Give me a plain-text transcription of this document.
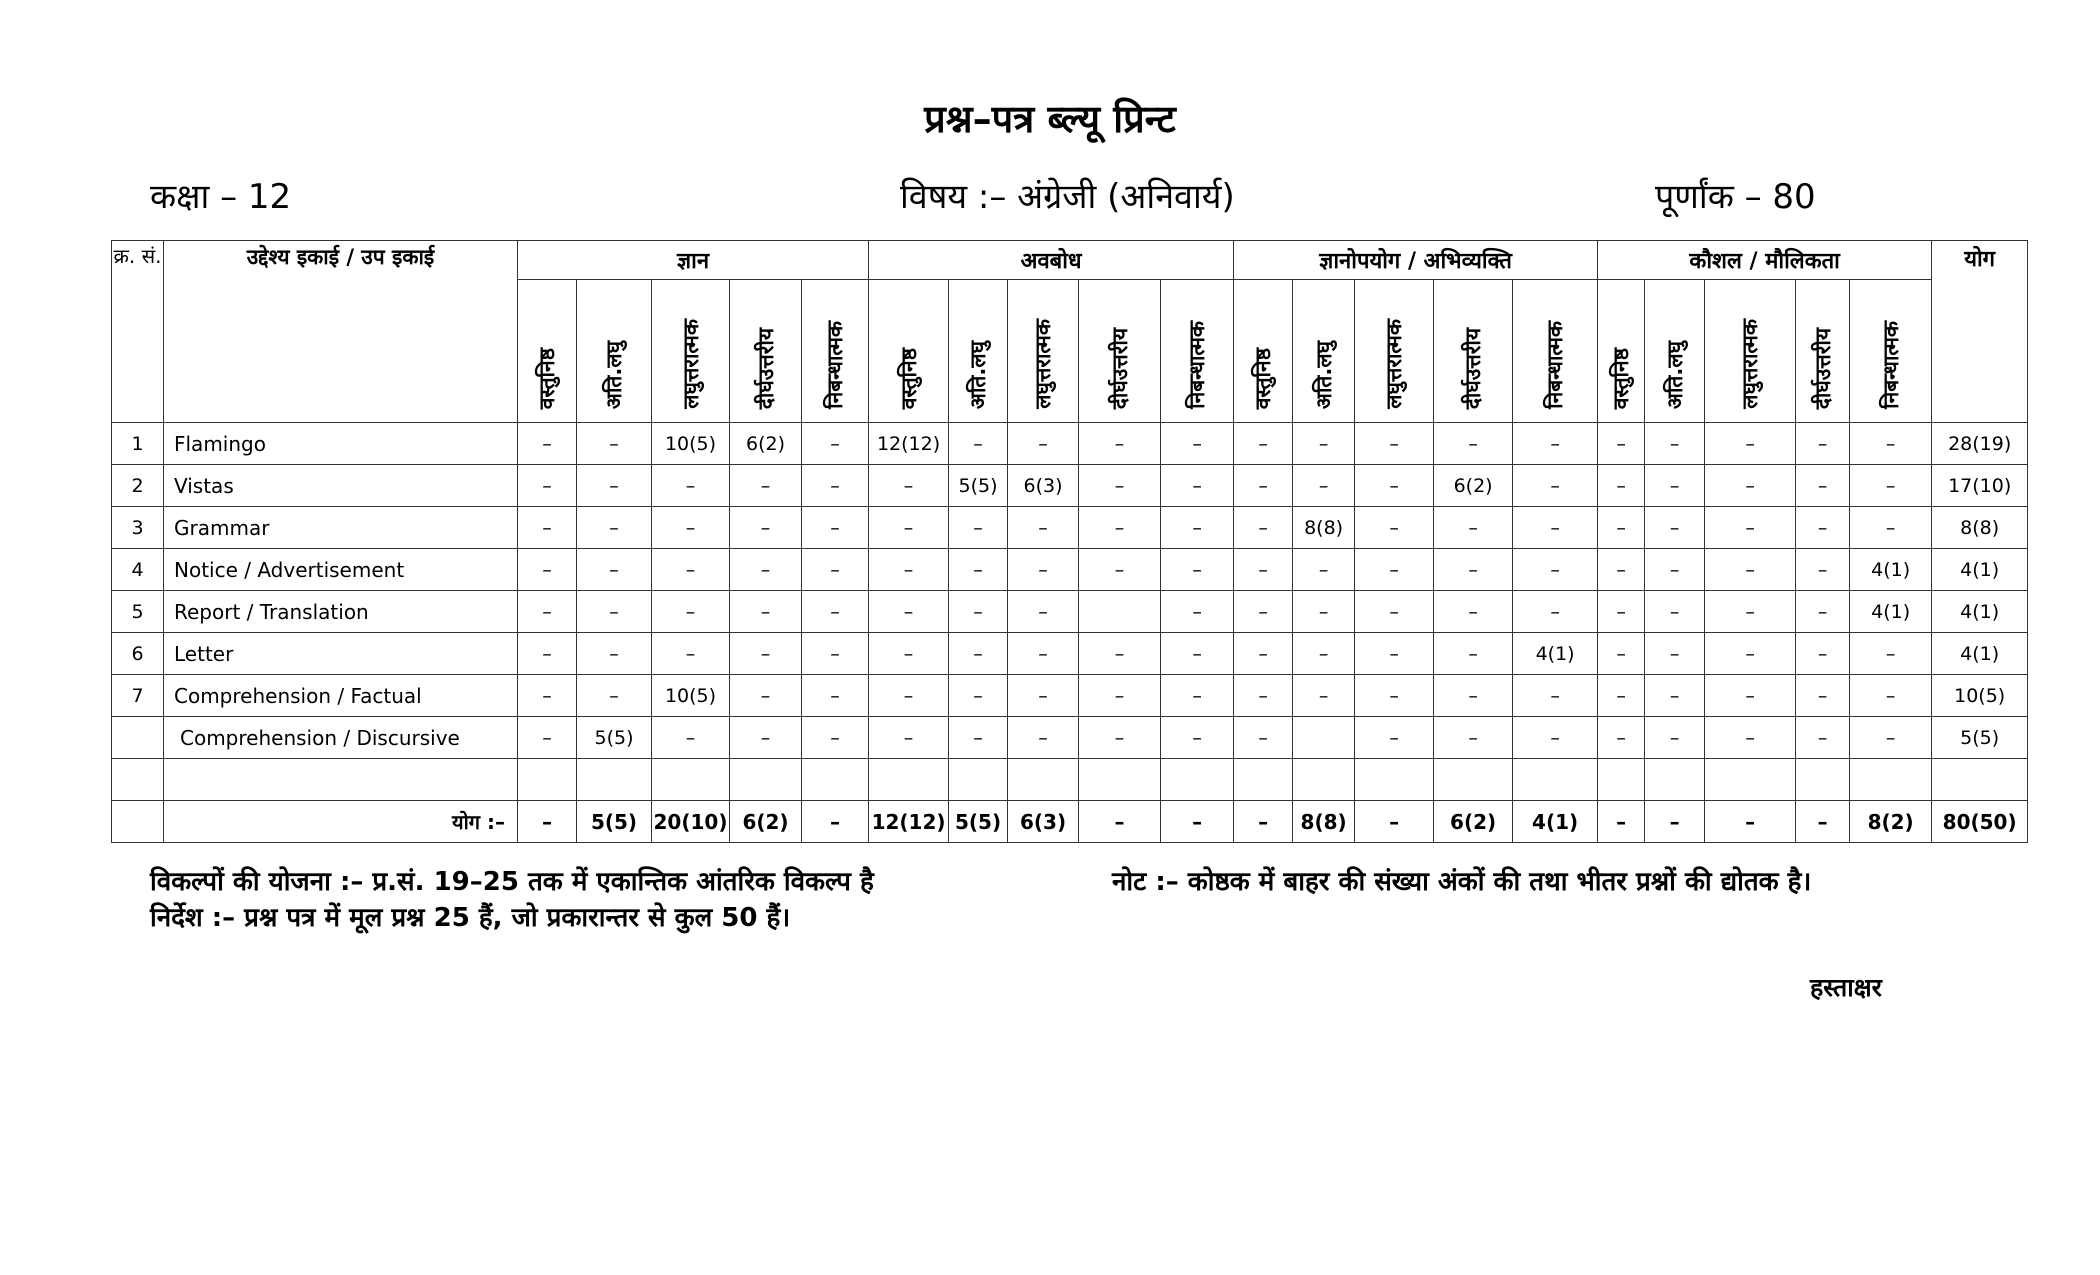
प्रश्न–पत्र ब्ल्यू प्रिन्ट
कक्षा – 12	विषय :– अंग्रेजी (अनिवार्य)	पूर्णांक – 80
क्र. सं.	उद्देश्य इकाई / उप इकाई	ज्ञान					अवबोध					ज्ञानोपयोग / अभिव्यक्ति					कौशल / मौलिकता					योग
		वस्तुनिष्ठ	अति.लघु	लघुत्तरात्मक	दीर्घउत्तरीय	निबन्धात्मक	वस्तुनिष्ठ	अति.लघु	लघुत्तरात्मक	दीर्घउत्तरीय	निबन्धात्मक	वस्तुनिष्ठ	अति.लघु	लघुत्तरात्मक	दीर्घउत्तरीय	निबन्धात्मक	वस्तुनिष्ठ	अति.लघु	लघुत्तरात्मक	दीर्घउत्तरीय	निबन्धात्मक	
1	Flamingo	–	–	10(5)	6(2)	–	12(12)	–	–	–	–	–	–	–	–	–	–	–	–	–	–	28(19)
2	Vistas	–	–	–	–	–	–	5(5)	6(3)	–	–	–	–	–	6(2)	–	–	–	–	–	–	17(10)
3	Grammar	–	–	–	–	–	–	–	–	–	–	–	8(8)	–	–	–	–	–	–	–	–	8(8)
4	Notice / Advertisement	–	–	–	–	–	–	–	–	–	–	–	–	–	–	–	–	–	–	–	4(1)	4(1)
5	Report / Translation	–	–	–	–	–	–	–	–		–	–	–	–	–	–	–	–	–	–	4(1)	4(1)
6	Letter	–	–	–	–	–	–	–	–	–	–	–	–	–	–	4(1)	–	–	–	–	–	4(1)
7	Comprehension / Factual	–	–	10(5)	–	–	–	–	–	–	–	–	–	–	–	–	–	–	–	–	–	10(5)
	Comprehension / Discursive	–	5(5)	–	–	–	–	–	–	–	–	–		–	–	–	–	–	–	–	–	5(5)

	योग :–	–	5(5)	20(10)	6(2)	–	12(12)	5(5)	6(3)	–	–	–	8(8)	–	6(2)	4(1)	–	–	–	–	8(2)	80(50)
विकल्पों की योजना :– प्र.सं. 19–25 तक में एकान्तिक आंतरिक विकल्प है
निर्देश :– प्रश्न पत्र में मूल प्रश्न 25 हैं, जो प्रकारान्तर से कुल 50 हैं।
नोट :– कोष्ठक में बाहर की संख्या अंकों की तथा भीतर प्रश्नों की द्योतक है।
हस्ताक्षर
